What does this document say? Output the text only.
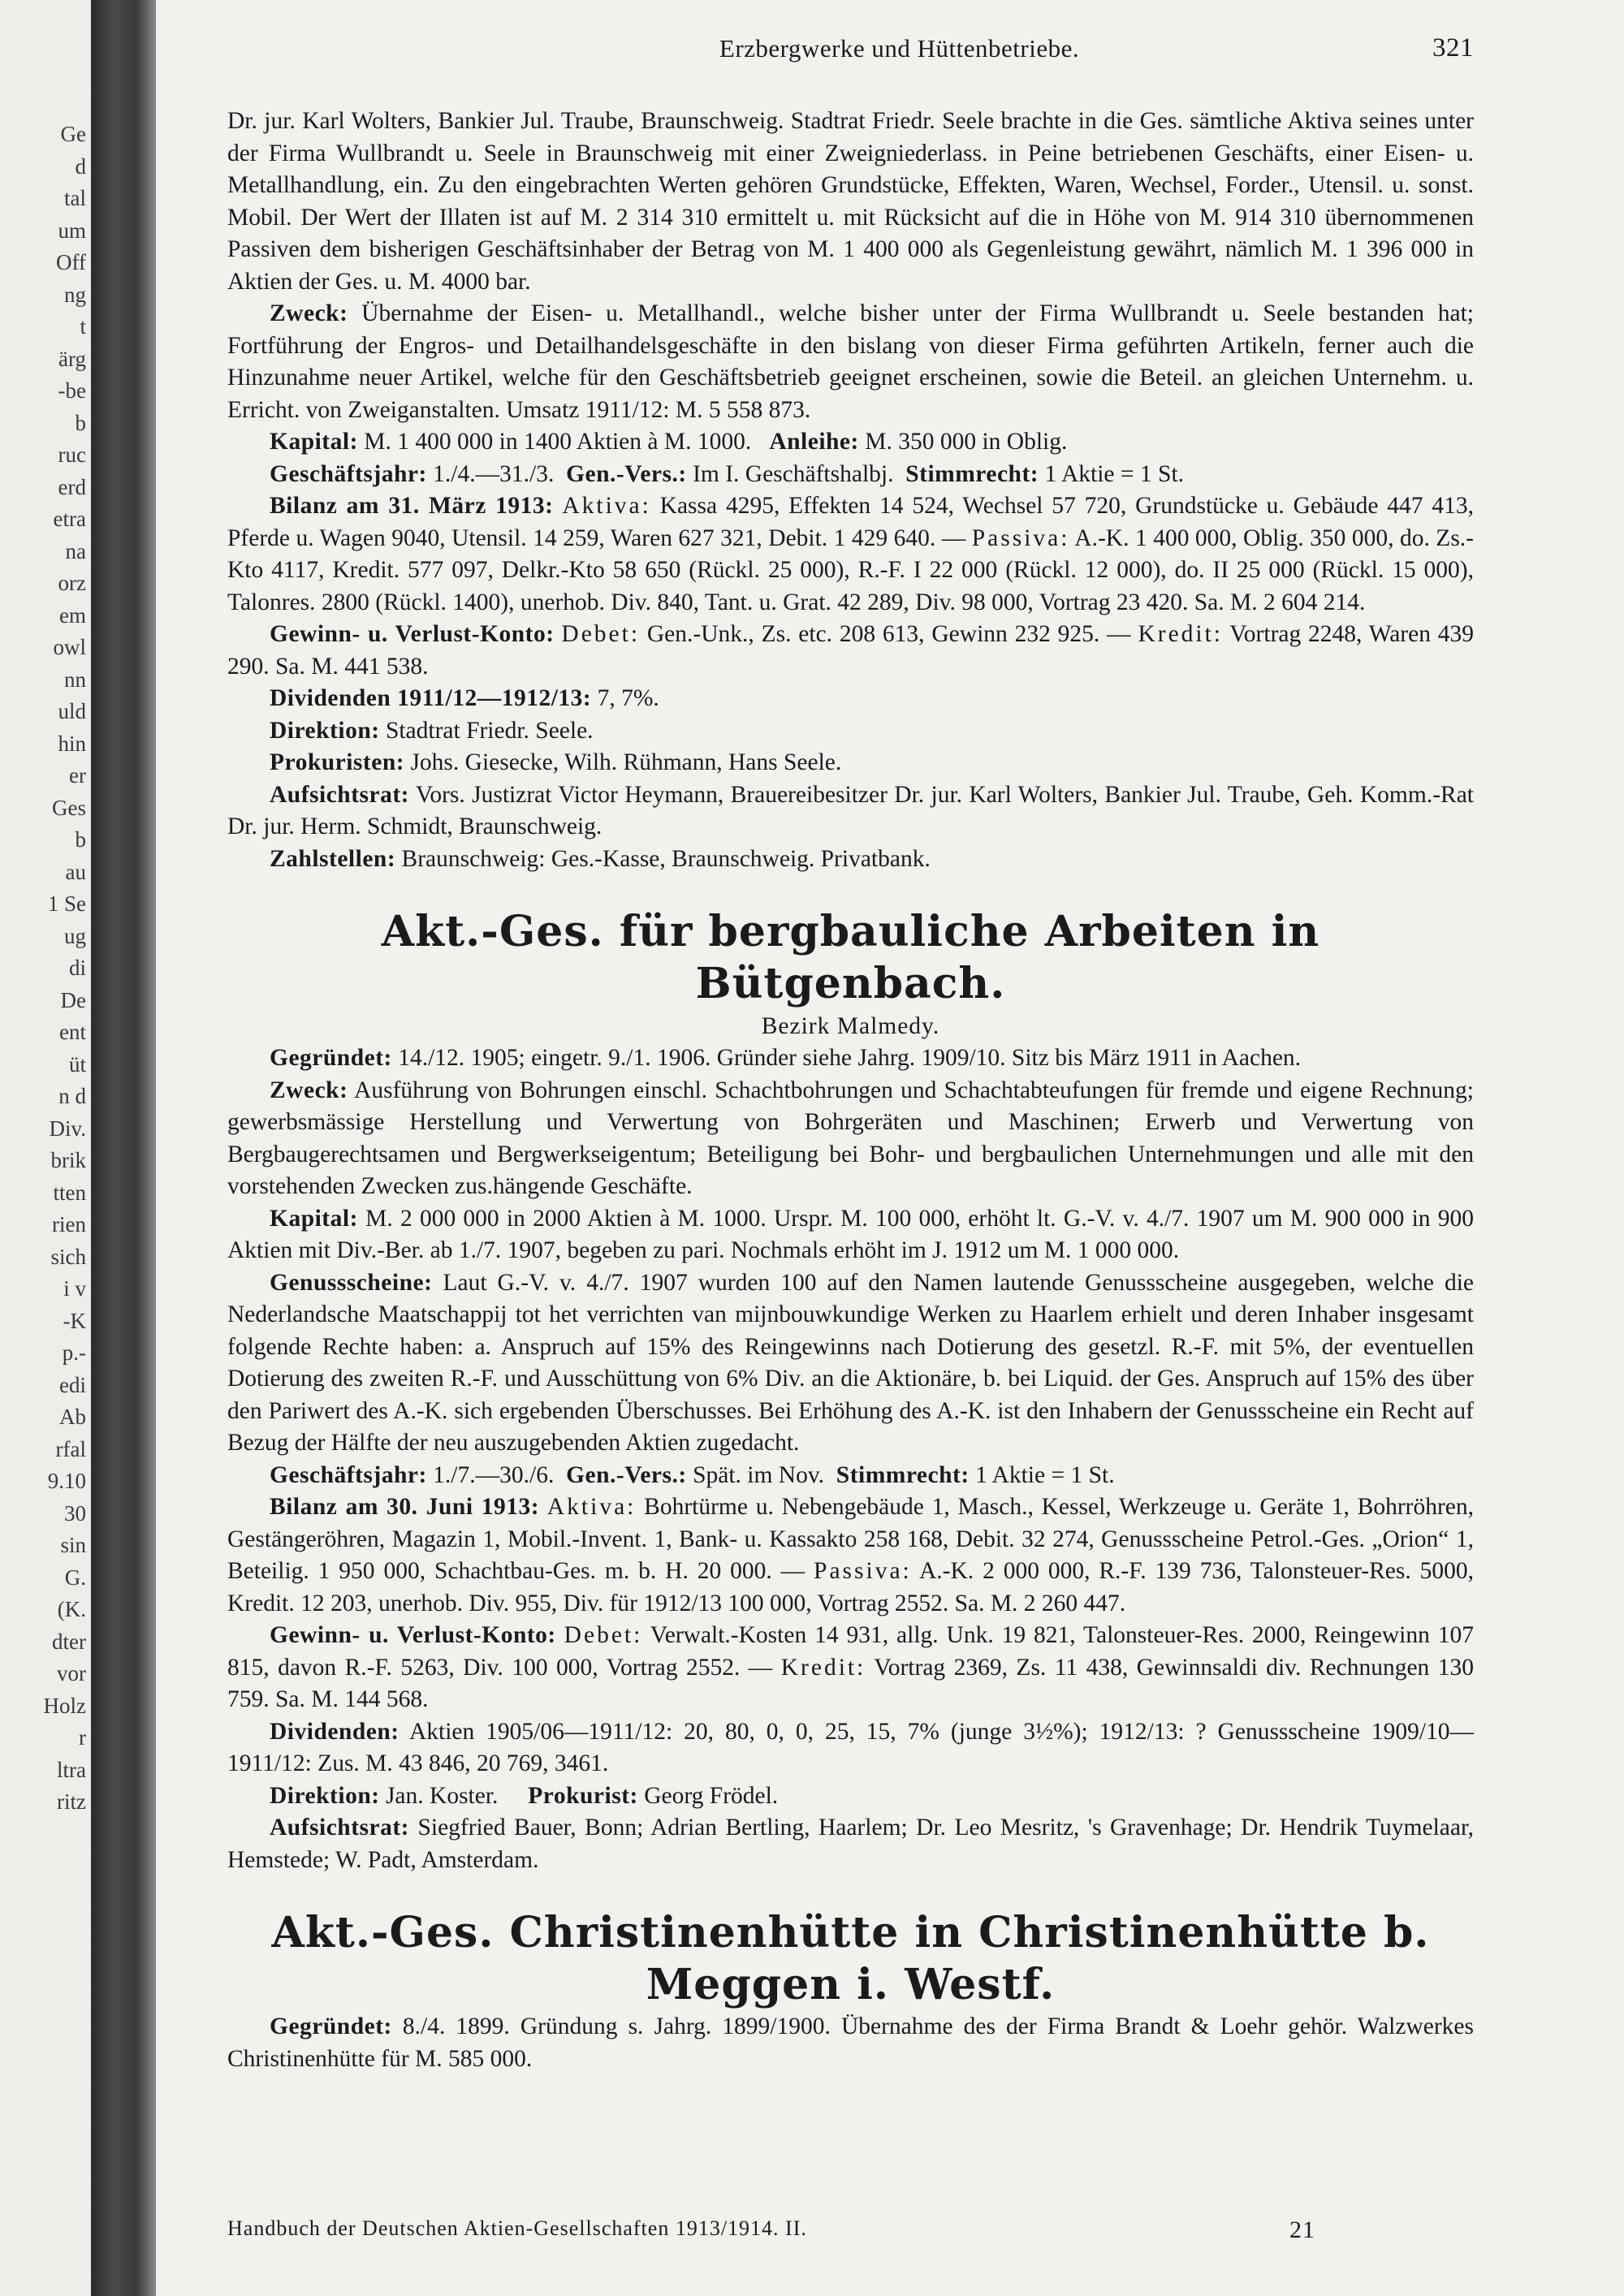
Ge
d
tal
um
Off
ng
t
ärg
-be
b
ruc
erd
etra
na
orz
em
owl
nn
uld
hin
er
Ges
b
au
1 Se
ug
di
De
ent
üt
n d
Div.
brik
tten
rien
sich
i v
-K
p.-
edi
Ab
rfal
9.10
30
sin
G.
(K.
dter
vor
Holz
r
ltra
ritz
Erzbergwerke und Hüttenbetriebe.	321

Dr. jur. Karl Wolters, Bankier Jul. Traube, Braunschweig. Stadtrat Friedr. Seele brachte in die Ges. sämtliche Aktiva seines unter der Firma Wullbrandt u. Seele in Braunschweig mit einer Zweigniederlass. in Peine betriebenen Geschäfts, einer Eisen- u. Metallhandlung, ein. Zu den eingebrachten Werten gehören Grundstücke, Effekten, Waren, Wechsel, Forder., Utensil. u. sonst. Mobil. Der Wert der Illaten ist auf M. 2 314 310 ermittelt u. mit Rücksicht auf die in Höhe von M. 914 310 übernommenen Passiven dem bisherigen Geschäftsinhaber der Betrag von M. 1 400 000 als Gegenleistung gewährt, nämlich M. 1 396 000 in Aktien der Ges. u. M. 4000 bar.

Zweck: Übernahme der Eisen- u. Metallhandl., welche bisher unter der Firma Wullbrandt u. Seele bestanden hat; Fortführung der Engros- und Detailhandelsgeschäfte in den bislang von dieser Firma geführten Artikeln, ferner auch die Hinzunahme neuer Artikel, welche für den Geschäftsbetrieb geeignet erscheinen, sowie die Beteil. an gleichen Unternehm. u. Erricht. von Zweiganstalten. Umsatz 1911/12: M. 5 558 873.

Kapital: M. 1 400 000 in 1400 Aktien à M. 1000. Anleihe: M. 350 000 in Oblig.

Geschäftsjahr: 1./4.—31./3. Gen.-Vers.: Im I. Geschäftshalbj. Stimmrecht: 1 Aktie = 1 St.

Bilanz am 31. März 1913: Aktiva: Kassa 4295, Effekten 14 524, Wechsel 57 720, Grundstücke u. Gebäude 447 413, Pferde u. Wagen 9040, Utensil. 14 259, Waren 627 321, Debit. 1 429 640. — Passiva: A.-K. 1 400 000, Oblig. 350 000, do. Zs.-Kto 4117, Kredit. 577 097, Delkr.-Kto 58 650 (Rückl. 25 000), R.-F. I 22 000 (Rückl. 12 000), do. II 25 000 (Rückl. 15 000), Talonres. 2800 (Rückl. 1400), unerhob. Div. 840, Tant. u. Grat. 42 289, Div. 98 000, Vortrag 23 420. Sa. M. 2 604 214.

Gewinn- u. Verlust-Konto: Debet: Gen.-Unk., Zs. etc. 208 613, Gewinn 232 925. — Kredit: Vortrag 2248, Waren 439 290. Sa. M. 441 538.

Dividenden 1911/12—1912/13: 7, 7%.

Direktion: Stadtrat Friedr. Seele.

Prokuristen: Johs. Giesecke, Wilh. Rühmann, Hans Seele.

Aufsichtsrat: Vors. Justizrat Victor Heymann, Brauereibesitzer Dr. jur. Karl Wolters, Bankier Jul. Traube, Geh. Komm.-Rat Dr. jur. Herm. Schmidt, Braunschweig.

Zahlstellen: Braunschweig: Ges.-Kasse, Braunschweig. Privatbank.

Akt.-Ges. für bergbauliche Arbeiten in Bütgenbach.
Bezirk Malmedy.

Gegründet: 14./12. 1905; eingetr. 9./1. 1906. Gründer siehe Jahrg. 1909/10. Sitz bis März 1911 in Aachen.

Zweck: Ausführung von Bohrungen einschl. Schachtbohrungen und Schachtabteufungen für fremde und eigene Rechnung; gewerbsmässige Herstellung und Verwertung von Bohrgeräten und Maschinen; Erwerb und Verwertung von Bergbaugerechtsamen und Bergwerkseigentum; Beteiligung bei Bohr- und bergbaulichen Unternehmungen und alle mit den vorstehenden Zwecken zus.hängende Geschäfte.

Kapital: M. 2 000 000 in 2000 Aktien à M. 1000. Urspr. M. 100 000, erhöht lt. G.-V. v. 4./7. 1907 um M. 900 000 in 900 Aktien mit Div.-Ber. ab 1./7. 1907, begeben zu pari. Nochmals erhöht im J. 1912 um M. 1 000 000.

Genussscheine: Laut G.-V. v. 4./7. 1907 wurden 100 auf den Namen lautende Genussscheine ausgegeben, welche die Nederlandsche Maatschappij tot het verrichten van mijnbouwkundige Werken zu Haarlem erhielt und deren Inhaber insgesamt folgende Rechte haben: a. Anspruch auf 15% des Reingewinns nach Dotierung des gesetzl. R.-F. mit 5%, der eventuellen Dotierung des zweiten R.-F. und Ausschüttung von 6% Div. an die Aktionäre, b. bei Liquid. der Ges. Anspruch auf 15% des über den Pariwert des A.-K. sich ergebenden Überschusses. Bei Erhöhung des A.-K. ist den Inhabern der Genussscheine ein Recht auf Bezug der Hälfte der neu auszugebenden Aktien zugedacht.

Geschäftsjahr: 1./7.—30./6. Gen.-Vers.: Spät. im Nov. Stimmrecht: 1 Aktie = 1 St.

Bilanz am 30. Juni 1913: Aktiva: Bohrtürme u. Nebengebäude 1, Masch., Kessel, Werkzeuge u. Geräte 1, Bohrröhren, Gestängeröhren, Magazin 1, Mobil.-Invent. 1, Bank- u. Kassakto 258 168, Debit. 32 274, Genussscheine Petrol.-Ges. „Orion“ 1, Beteilig. 1 950 000, Schachtbau-Ges. m. b. H. 20 000. — Passiva: A.-K. 2 000 000, R.-F. 139 736, Talonsteuer-Res. 5000, Kredit. 12 203, unerhob. Div. 955, Div. für 1912/13 100 000, Vortrag 2552. Sa. M. 2 260 447.

Gewinn- u. Verlust-Konto: Debet: Verwalt.-Kosten 14 931, allg. Unk. 19 821, Talonsteuer-Res. 2000, Reingewinn 107 815, davon R.-F. 5263, Div. 100 000, Vortrag 2552. — Kredit: Vortrag 2369, Zs. 11 438, Gewinnsaldi div. Rechnungen 130 759. Sa. M. 144 568.

Dividenden: Aktien 1905/06—1911/12: 20, 80, 0, 0, 25, 15, 7% (junge 3½%); 1912/13: ? Genussscheine 1909/10—1911/12: Zus. M. 43 846, 20 769, 3461.

Direktion: Jan. Koster. Prokurist: Georg Frödel.

Aufsichtsrat: Siegfried Bauer, Bonn; Adrian Bertling, Haarlem; Dr. Leo Mesritz, 's Gravenhage; Dr. Hendrik Tuymelaar, Hemstede; W. Padt, Amsterdam.

Akt.-Ges. Christinenhütte in Christinenhütte b. Meggen i. Westf.

Gegründet: 8./4. 1899. Gründung s. Jahrg. 1899/1900. Übernahme des der Firma Brandt & Loehr gehör. Walzwerkes Christinenhütte für M. 585 000.

Handbuch der Deutschen Aktien-Gesellschaften 1913/1914. II.	21
